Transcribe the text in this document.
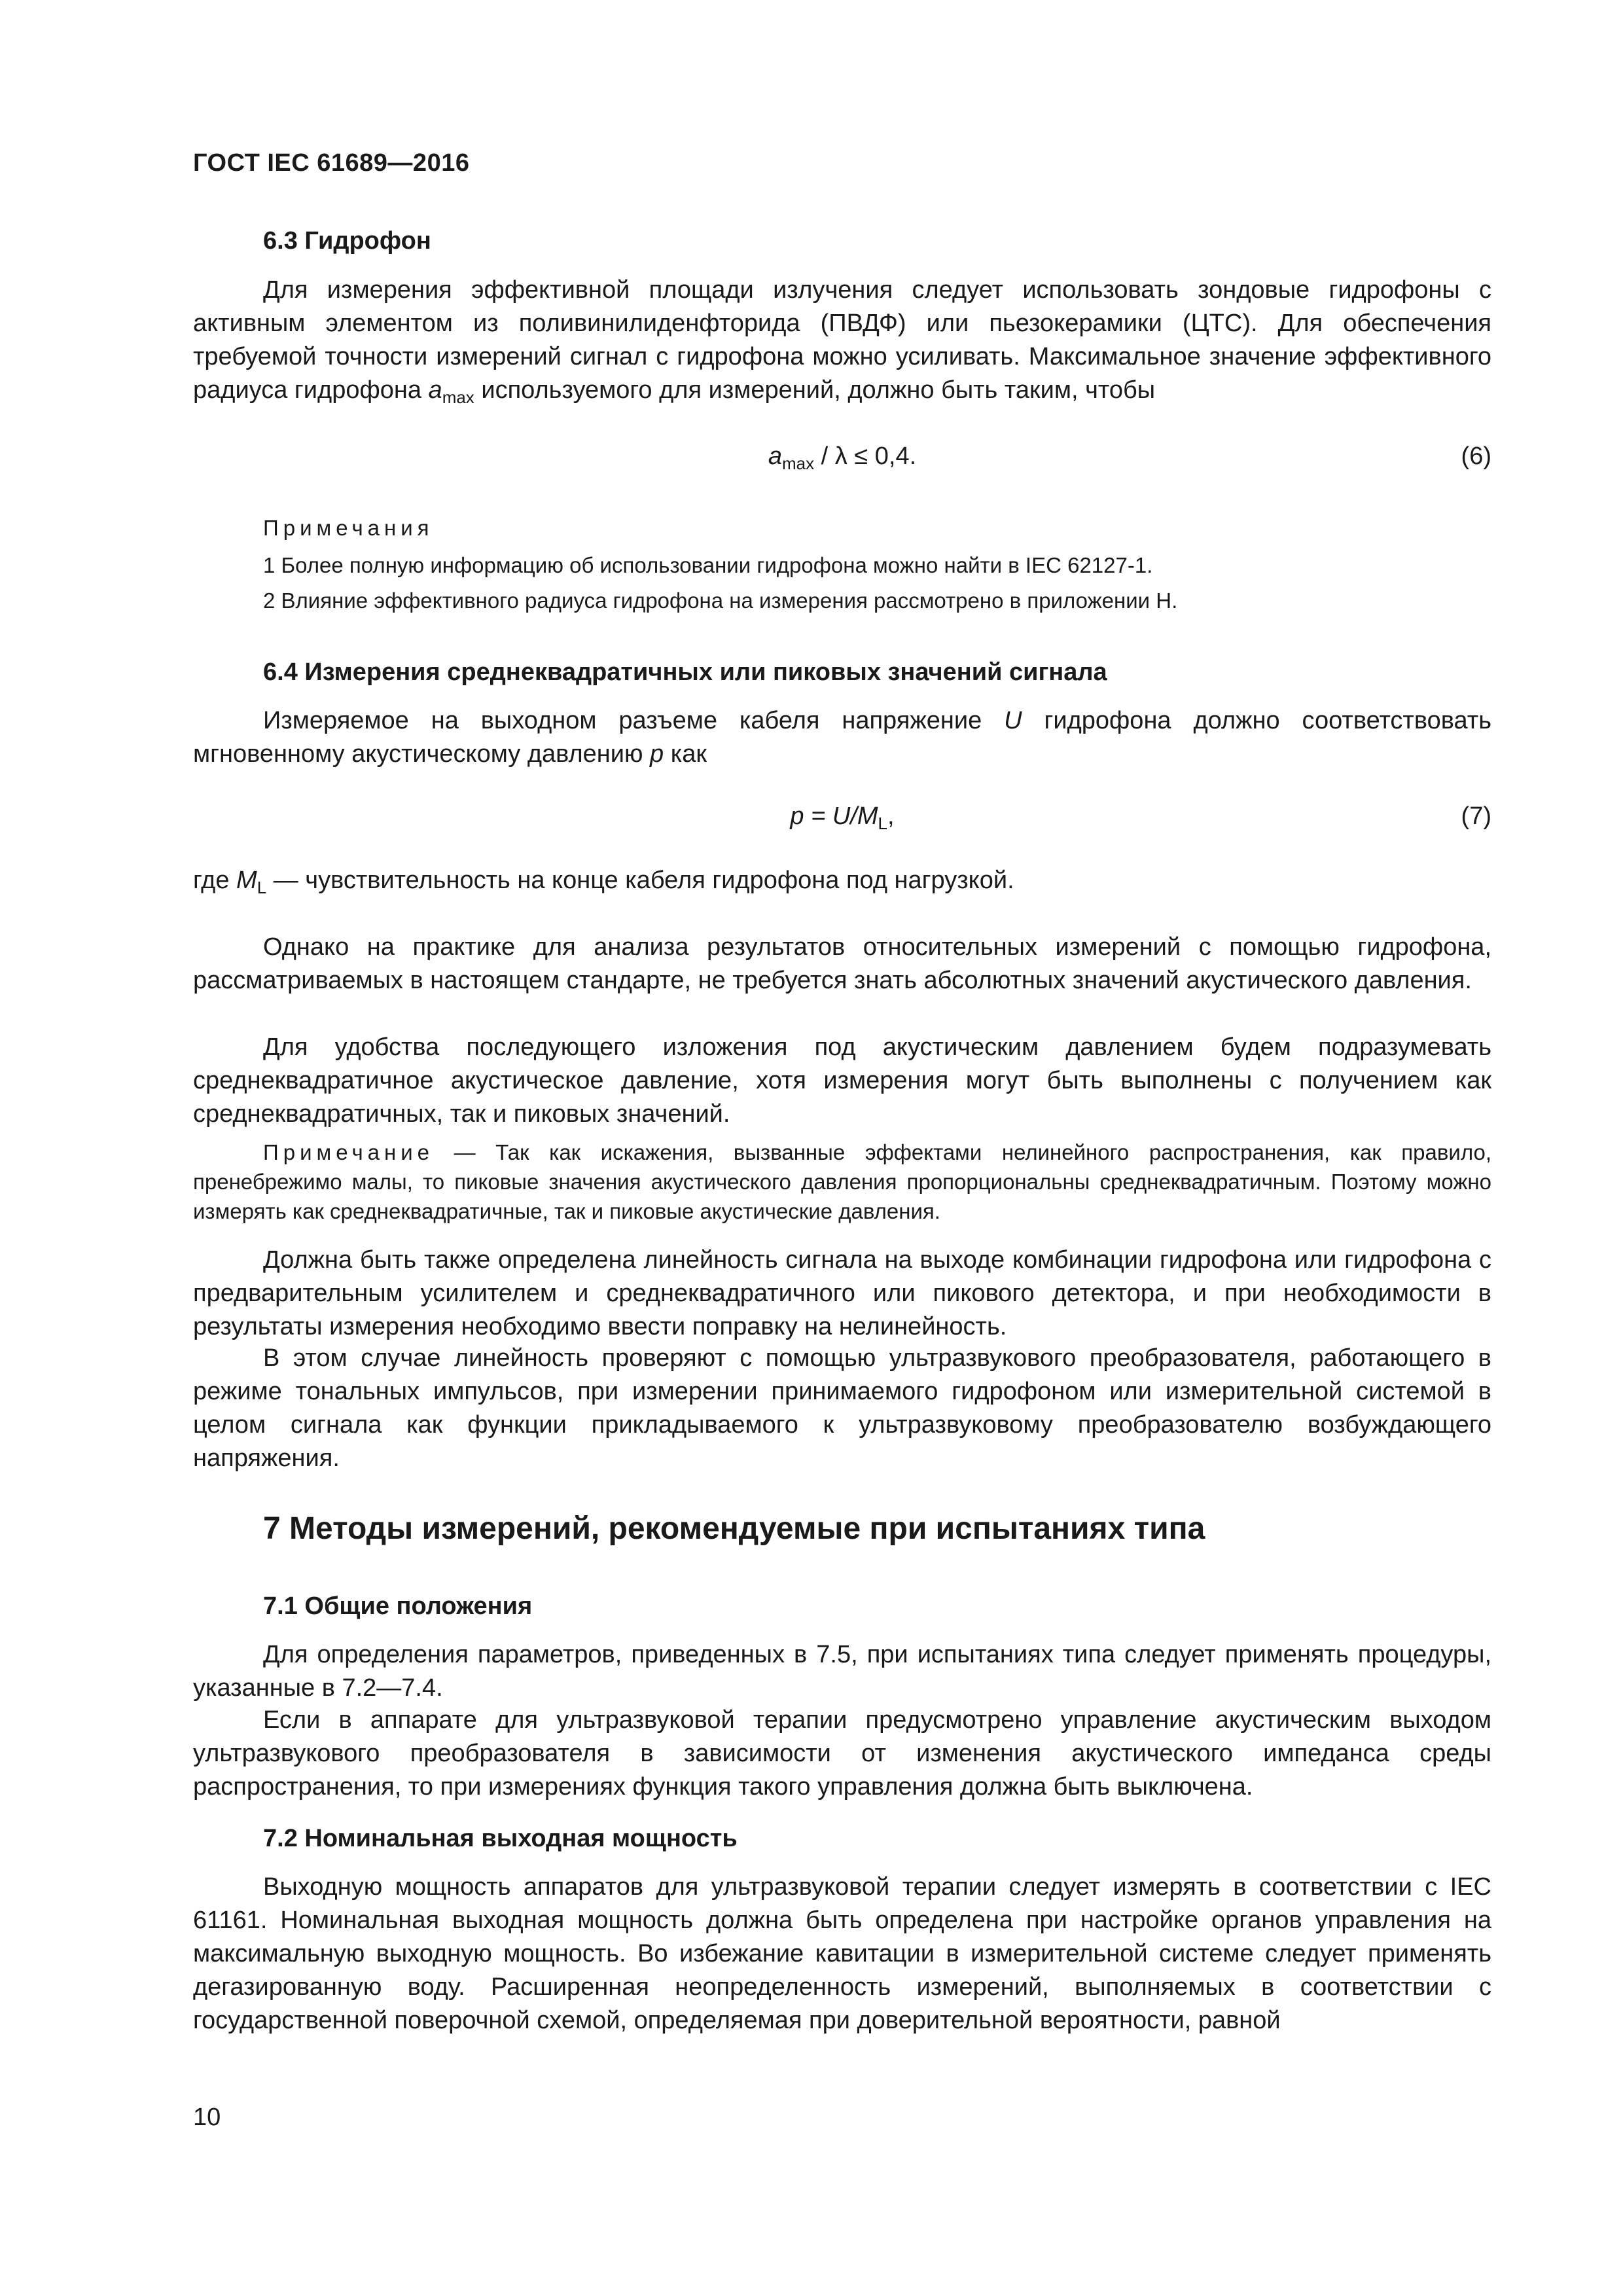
ГОСТ IEC 61689—2016
6.3 Гидрофон
Для измерения эффективной площади излучения следует использовать зондовые гидрофоны с активным элементом из поливинилиденфторида (ПВДФ) или пьезокерамики (ЦТС). Для обеспечения требуемой точности измерений сигнал с гидрофона можно усиливать. Максимальное значение эффективного радиуса гидрофона $a_{max}$ используемого для измерений, должно быть таким, чтобы
$a_{max} / \lambda \le 0,4$.	(6)
Примечания
1 Более полную информацию об использовании гидрофона можно найти в IEC 62127-1.
2 Влияние эффективного радиуса гидрофона на измерения рассмотрено в приложении H.
6.4 Измерения среднеквадратичных или пиковых значений сигнала
Измеряемое на выходном разъеме кабеля напряжение U гидрофона должно соответствовать мгновенному акустическому давлению p как
$p = U/M_L$,	(7)
где $M_L$ — чувствительность на конце кабеля гидрофона под нагрузкой.
Однако на практике для анализа результатов относительных измерений с помощью гидрофона, рассматриваемых в настоящем стандарте, не требуется знать абсолютных значений акустического давления.
Для удобства последующего изложения под акустическим давлением будем подразумевать среднеквадратичное акустическое давление, хотя измерения могут быть выполнены с получением как среднеквадратичных, так и пиковых значений.
Примечание — Так как искажения, вызванные эффектами нелинейного распространения, как правило, пренебрежимо малы, то пиковые значения акустического давления пропорциональны среднеквадратичным. Поэтому можно измерять как среднеквадратичные, так и пиковые акустические давления.
Должна быть также определена линейность сигнала на выходе комбинации гидрофона или гидрофона с предварительным усилителем и среднеквадратичного или пикового детектора, и при необходимости в результаты измерения необходимо ввести поправку на нелинейность.
В этом случае линейность проверяют с помощью ультразвукового преобразователя, работающего в режиме тональных импульсов, при измерении принимаемого гидрофоном или измерительной системой в целом сигнала как функции прикладываемого к ультразвуковому преобразователю возбуждающего напряжения.
7 Методы измерений, рекомендуемые при испытаниях типа
7.1 Общие положения
Для определения параметров, приведенных в 7.5, при испытаниях типа следует применять процедуры, указанные в 7.2—7.4.
Если в аппарате для ультразвуковой терапии предусмотрено управление акустическим выходом ультразвукового преобразователя в зависимости от изменения акустического импеданса среды распространения, то при измерениях функция такого управления должна быть выключена.
7.2 Номинальная выходная мощность
Выходную мощность аппаратов для ультразвуковой терапии следует измерять в соответствии с IEC 61161. Номинальная выходная мощность должна быть определена при настройке органов управления на максимальную выходную мощность. Во избежание кавитации в измерительной системе следует применять дегазированную воду. Расширенная неопределенность измерений, выполняемых в соответствии с государственной поверочной схемой, определяемая при доверительной вероятности, равной
10
